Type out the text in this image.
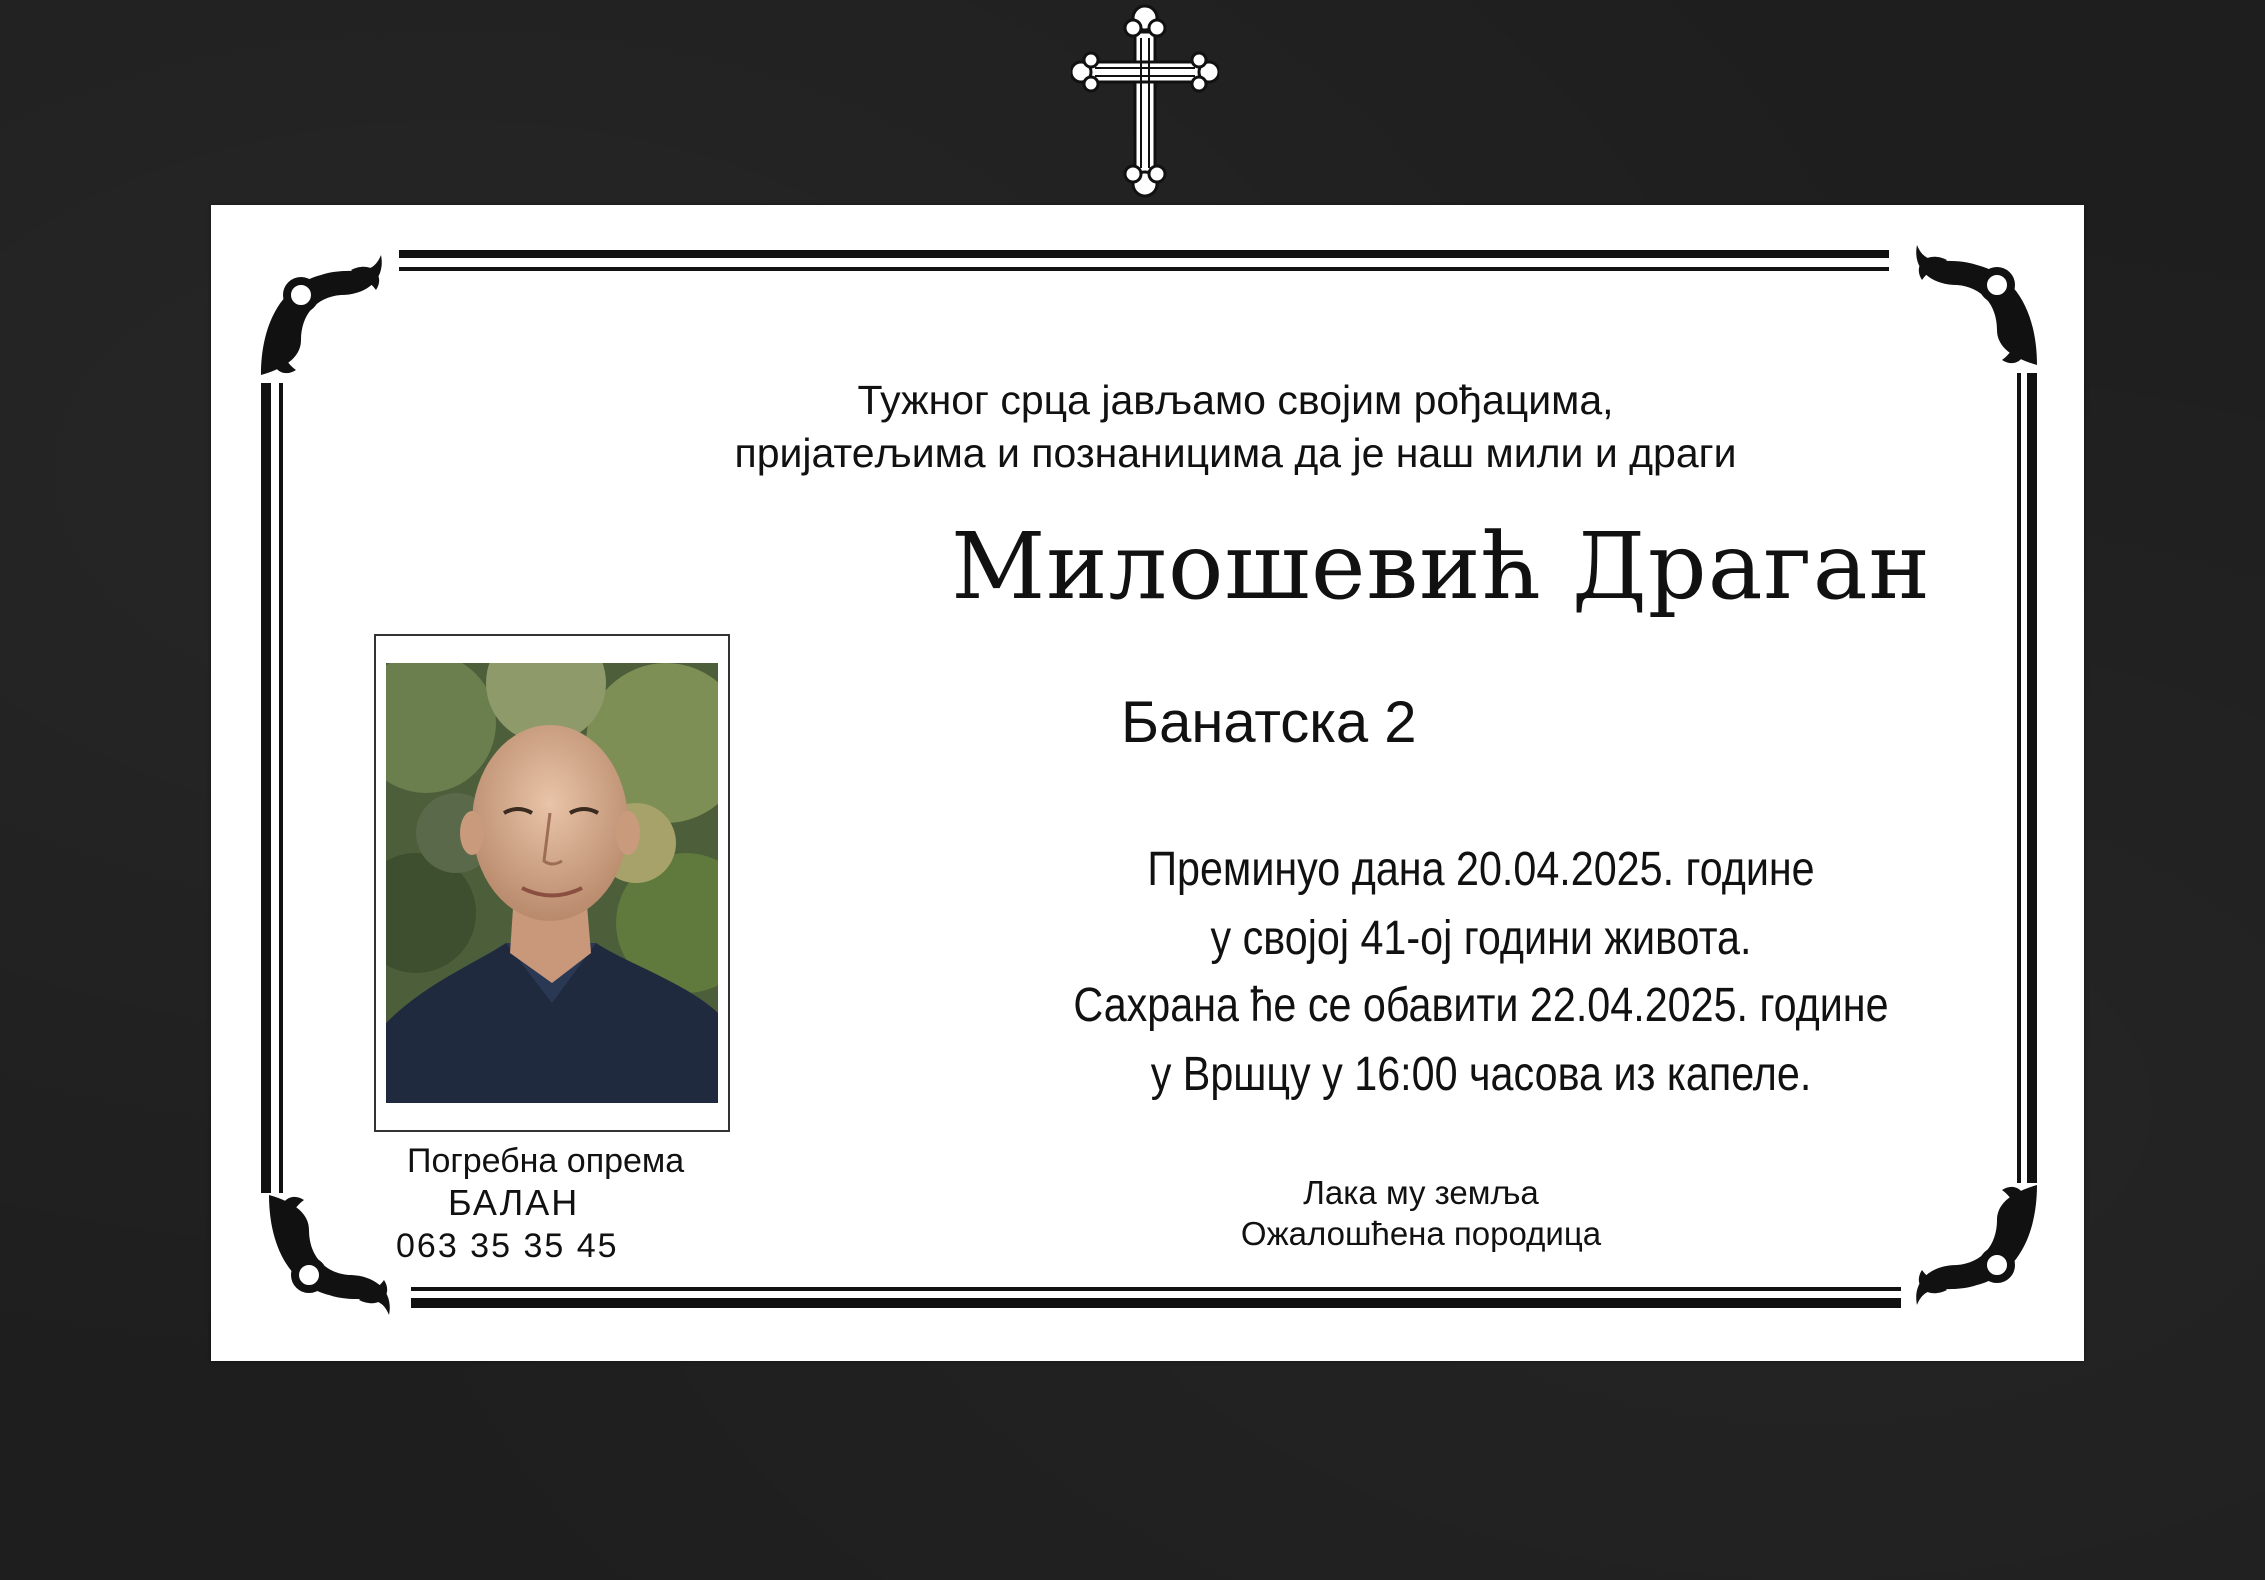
Тужног срца јављамо својим рођацима,
пријатељима и познаницима да је наш мили и драги
Милошевић Драган
Банатска 2
Преминуо дана 20.04.2025. године
у својој 41-ој години живота.
Сахрана ће се обавити 22.04.2025. године
у Вршцу у 16:00 часова из капеле.
Лака му земља
Ожалошћена породица
Погребна опрема
БАЛАН
063 35 35 45
